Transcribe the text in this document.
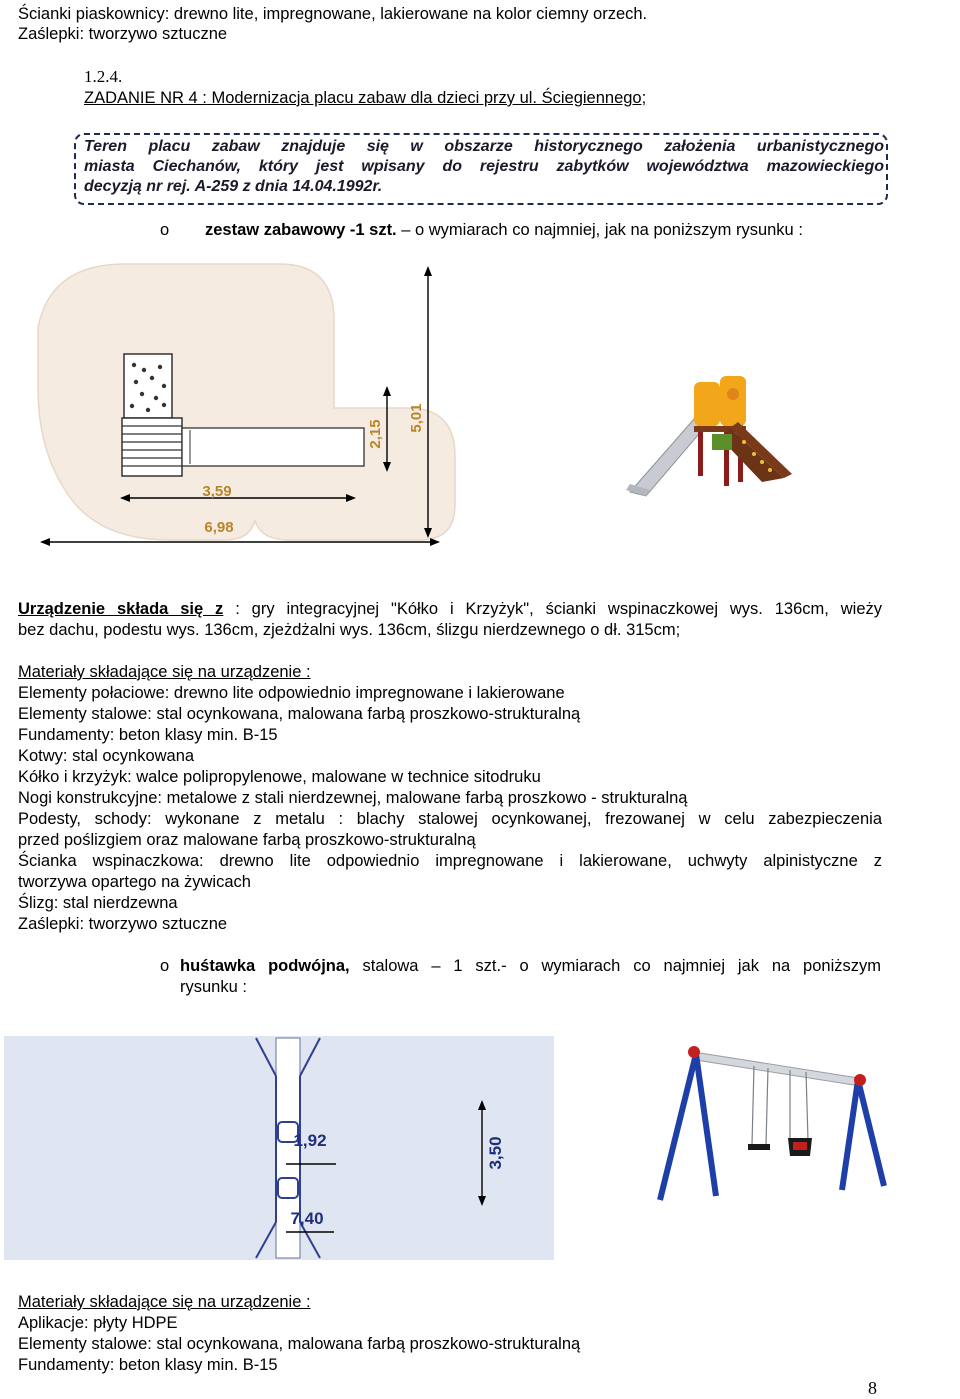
Ścianki piaskownicy: drewno lite, impregnowane, lakierowane na kolor ciemny orzech.
Zaślepki: tworzywo sztuczne
1.2.4.
ZADANIE NR 4 : Modernizacja placu zabaw dla dzieci przy ul. Ściegiennego;
Teren placu zabaw znajduje się w obszarze historycznego założenia urbanistycznego
miasta Ciechanów, który jest wpisany do rejestru zabytków województwa mazowieckiego
decyzją nr rej. A-259 z dnia 14.04.1992r.
o zestaw zabawowy -1 szt. – o wymiarach co najmniej, jak na poniższym rysunku :
2,15
5,01
3,59
6,98
Urządzenie składa się z : gry integracyjnej "Kółko i Krzyżyk", ścianki wspinaczkowej wys. 136cm, wieży
bez dachu, podestu wys. 136cm, zjeżdżalni wys. 136cm, ślizgu nierdzewnego o dł. 315cm;
Materiały składające się na urządzenie :
Elementy połaciowe: drewno lite odpowiednio impregnowane i lakierowane
Elementy stalowe: stal ocynkowana, malowana farbą proszkowo-strukturalną
Fundamenty: beton klasy min. B-15
Kotwy: stal ocynkowana
Kółko i krzyżyk: walce polipropylenowe, malowane w technice sitodruku
Nogi konstrukcyjne: metalowe z stali nierdzewnej, malowane farbą proszkowo - strukturalną
Podesty, schody: wykonane z metalu : blachy stalowej ocynkowanej, frezowanej w celu zabezpieczenia
przed poślizgiem oraz malowane farbą proszkowo-strukturalną
Ścianka wspinaczkowa: drewno lite odpowiednio impregnowane i lakierowane, uchwyty alpinistyczne z
tworzywa opartego na żywicach
Ślizg: stal nierdzewna
Zaślepki: tworzywo sztuczne
o huśtawka podwójna, stalowa – 1 szt.- o wymiarach co najmniej jak na poniższym
rysunku :
1,92	3,50
7,40
Materiały składające się na urządzenie :
Aplikacje: płyty HDPE
Elementy stalowe: stal ocynkowana, malowana farbą proszkowo-strukturalną
Fundamenty: beton klasy min. B-15
8
